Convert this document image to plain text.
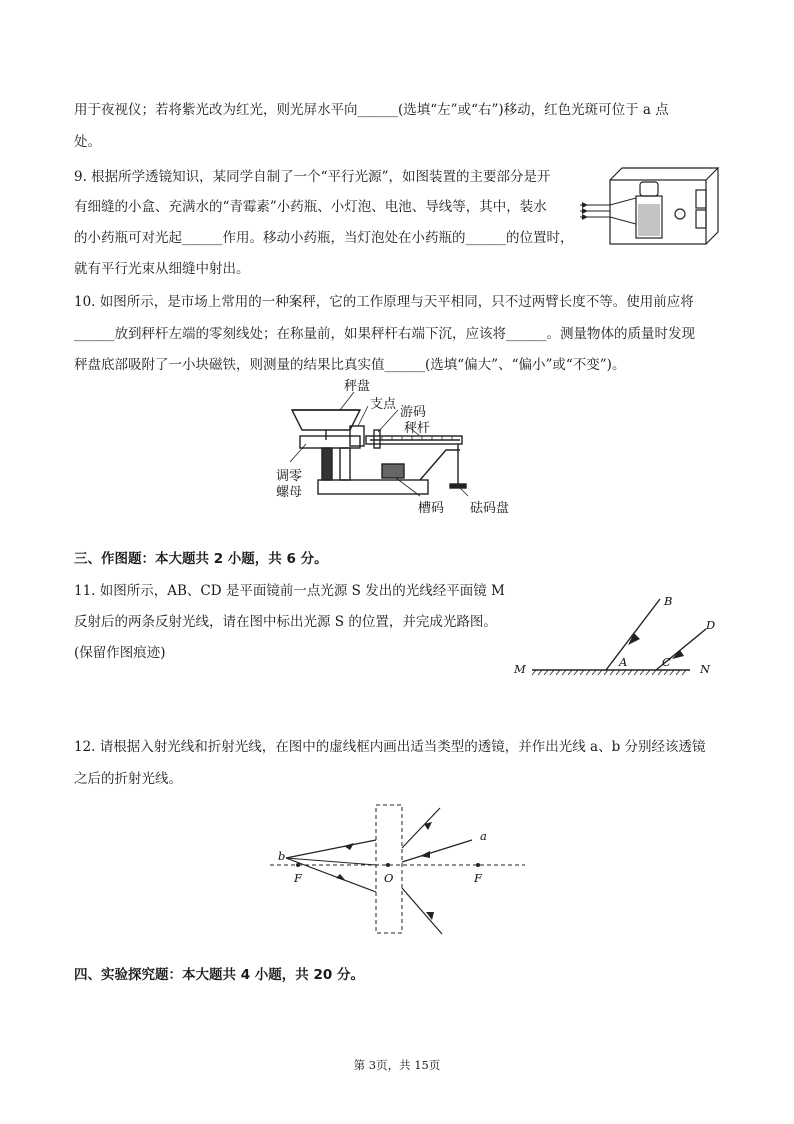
用于夜视仪；若将紫光改为红光，则光屏水平向______(选填“左”或“右”)移动，红色光斑可位于 a 点
处。
9. 根据所学透镜知识，某同学自制了一个“平行光源”，如图装置的主要部分是开
有细缝的小盒、充满水的“青霉素”小药瓶、小灯泡、电池、导线等，其中，装水
的小药瓶可对光起______作用。移动小药瓶，当灯泡处在小药瓶的______的位置时，
就有平行光束从细缝中射出。
10. 如图所示，是市场上常用的一种案秤，它的工作原理与天平相同，只不过两臂长度不等。使用前应将
______放到秤杆左端的零刻线处；在称量前，如果秤杆右端下沉，应该将______。测量物体的质量时发现
秤盘底部吸附了一小块磁铁，则测量的结果比真实值______(选填“偏大”、“偏小”或“不变”)。
秤盘
支点
游码
秤杆
调零
螺母
槽码 砝码盘
三、作图题：本大题共 2 小题，共 6 分。
11. 如图所示，AB、CD 是平面镜前一点光源 S 发出的光线经平面镜 M
反射后的两条反射光线，请在图中标出光源 S 的位置，并完成光路图。
(保留作图痕迹)
B
D
A	C
M	N
12. 请根据入射光线和折射光线，在图中的虚线框内画出适当类型的透镜，并作出光线 a、b 分别经该透镜
之后的折射光线。
a
b
F	O	F
四、实验探究题：本大题共 4 小题，共 20 分。
第 3页，共 15页
